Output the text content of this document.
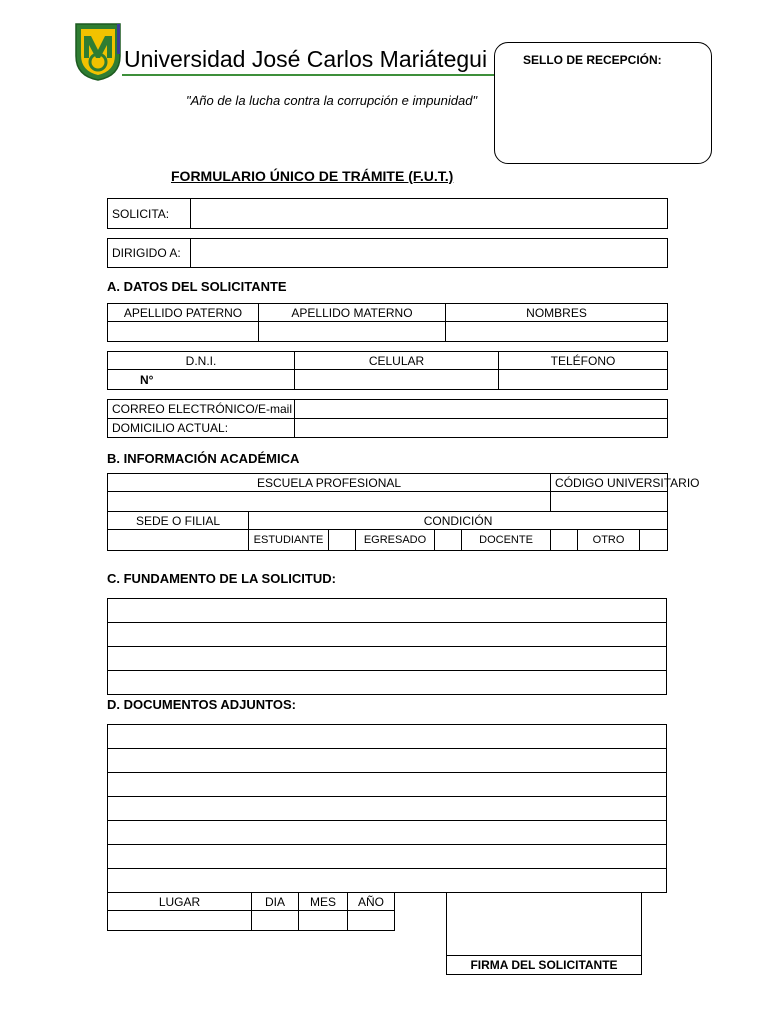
Universidad José Carlos Mariátegui
"Año de la lucha contra la corrupción e impunidad"
SELLO DE RECEPCIÓN:
FORMULARIO ÚNICO DE TRÁMITE (F.U.T.)
SOLICITA:	
DIRIGIDO A:	
A. DATOS DEL SOLICITANTE
APELLIDO PATERNO	APELLIDO MATERNO	NOMBRES

D.N.I.	CELULAR	TELÉFONO
N°		
CORREO ELECTRÓNICO/E-mail	
DOMICILIO ACTUAL:	
B. INFORMACIÓN ACADÉMICA
ESCUELA PROFESIONAL						CÓDIGO UNIVERSITARIO		

SEDE O FILIAL	CONDICIÓN							
	ESTUDIANTE		EGRESADO		DOCENTE		OTRO	
C. FUNDAMENTO DE LA SOLICITUD:

D. DOCUMENTOS ADJUNTOS:

LUGAR	DIA	MES	AÑO

FIRMA DEL SOLICITANTE
